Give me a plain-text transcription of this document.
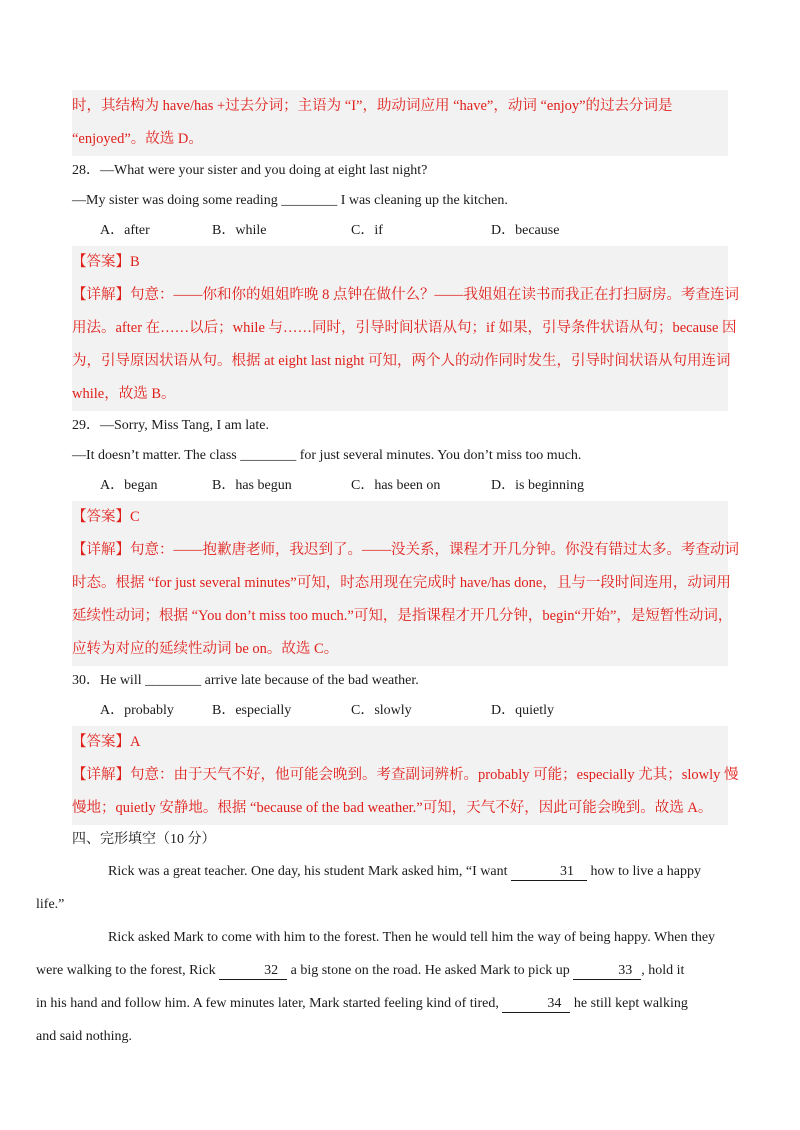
时，其结构为 have/has +过去分词；主语为 “I”，助动词应用 “have”，动词 “enjoy”的过去分词是
“enjoyed”。故选 D。
28．—What were your sister and you doing at eight last night?
—My sister was doing some reading ________ I was cleaning up the kitchen.
A．after	B．while	C．if	D．because
【答案】B
【详解】句意：——你和你的姐姐昨晚 8 点钟在做什么？——我姐姐在读书而我正在打扫厨房。考查连词
用法。after 在……以后；while 与……同时，引导时间状语从句；if 如果，引导条件状语从句；because 因
为，引导原因状语从句。根据 at eight last night 可知，两个人的动作同时发生，引导时间状语从句用连词
while，故选 B。
29．—Sorry, Miss Tang, I am late.
—It doesn’t matter. The class ________ for just several minutes. You don’t miss too much.
A．began	B．has begun	C．has been on	D．is beginning
【答案】C
【详解】句意：——抱歉唐老师，我迟到了。——没关系，课程才开几分钟。你没有错过太多。考查动词
时态。根据 “for just several minutes”可知，时态用现在完成时 have/has done，且与一段时间连用，动词用
延续性动词；根据 “You don’t miss too much.”可知，是指课程才开几分钟，begin“开始”，是短暂性动词，
应转为对应的延续性动词 be on。故选 C。
30．He will ________ arrive late because of the bad weather.
A．probably	B．especially	C．slowly	D．quietly
【答案】A
【详解】句意：由于天气不好，他可能会晚到。考查副词辨析。probably 可能；especially 尤其；slowly 慢
慢地；quietly 安静地。根据 “because of the bad weather.”可知，天气不好，因此可能会晚到。故选 A。
四、完形填空（10 分）
Rick was a great teacher. One day, his student Mark asked him, “I want	31 how to live a happy
life.”
Rick asked Mark to come with him to the forest. Then he would tell him the way of being happy. When they
were walking to the forest, Rick	32 a big stone on the road. He asked Mark to pick up	33 , hold it
in his hand and follow him. A few minutes later, Mark started feeling kind of tired,	34 he still kept walking
and said nothing.
